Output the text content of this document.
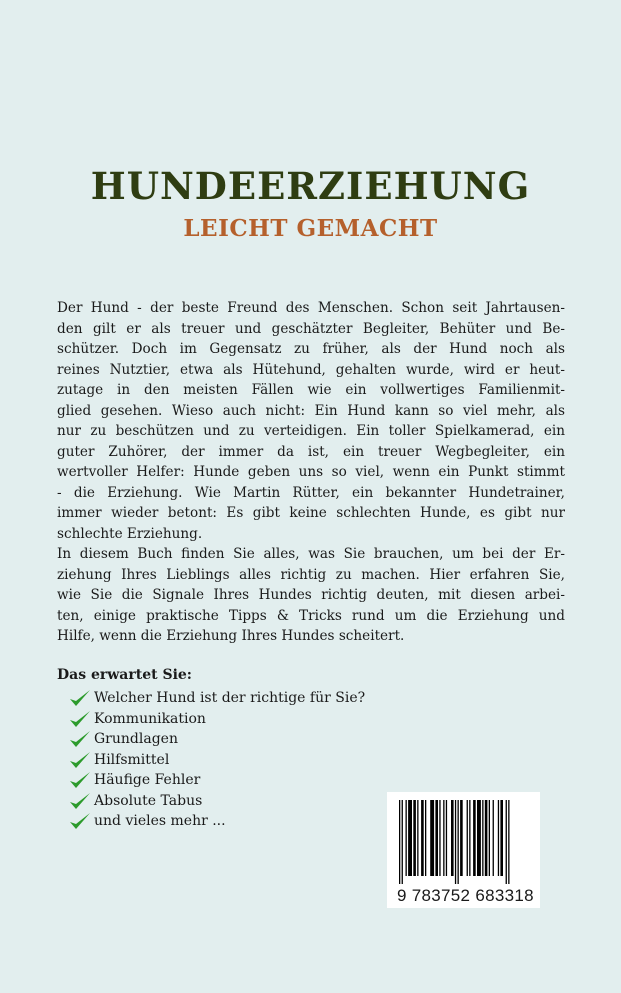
HUNDEERZIEHUNG
LEICHT GEMACHT
Der Hund - der beste Freund des Menschen. Schon seit Jahrtausen-
den gilt er als treuer und geschätzter Begleiter, Behüter und Be-
schützer. Doch im Gegensatz zu früher, als der Hund noch als
reines Nutztier, etwa als Hütehund, gehalten wurde, wird er heut-
zutage in den meisten Fällen wie ein vollwertiges Familienmit-
glied gesehen. Wieso auch nicht: Ein Hund kann so viel mehr, als
nur zu beschützen und zu verteidigen. Ein toller Spielkamerad, ein
guter Zuhörer, der immer da ist, ein treuer Wegbegleiter, ein
wertvoller Helfer: Hunde geben uns so viel, wenn ein Punkt stimmt
- die Erziehung. Wie Martin Rütter, ein bekannter Hundetrainer,
immer wieder betont: Es gibt keine schlechten Hunde, es gibt nur
schlechte Erziehung.
In diesem Buch finden Sie alles, was Sie brauchen, um bei der Er-
ziehung Ihres Lieblings alles richtig zu machen. Hier erfahren Sie,
wie Sie die Signale Ihres Hundes richtig deuten, mit diesen arbei-
ten, einige praktische Tipps & Tricks rund um die Erziehung und
Hilfe, wenn die Erziehung Ihres Hundes scheitert.
Das erwartet Sie:
Welcher Hund ist der richtige für Sie?
Kommunikation
Grundlagen
Hilfsmittel
Häufige Fehler
Absolute Tabus
und vieles mehr ...
9 783752 683318
